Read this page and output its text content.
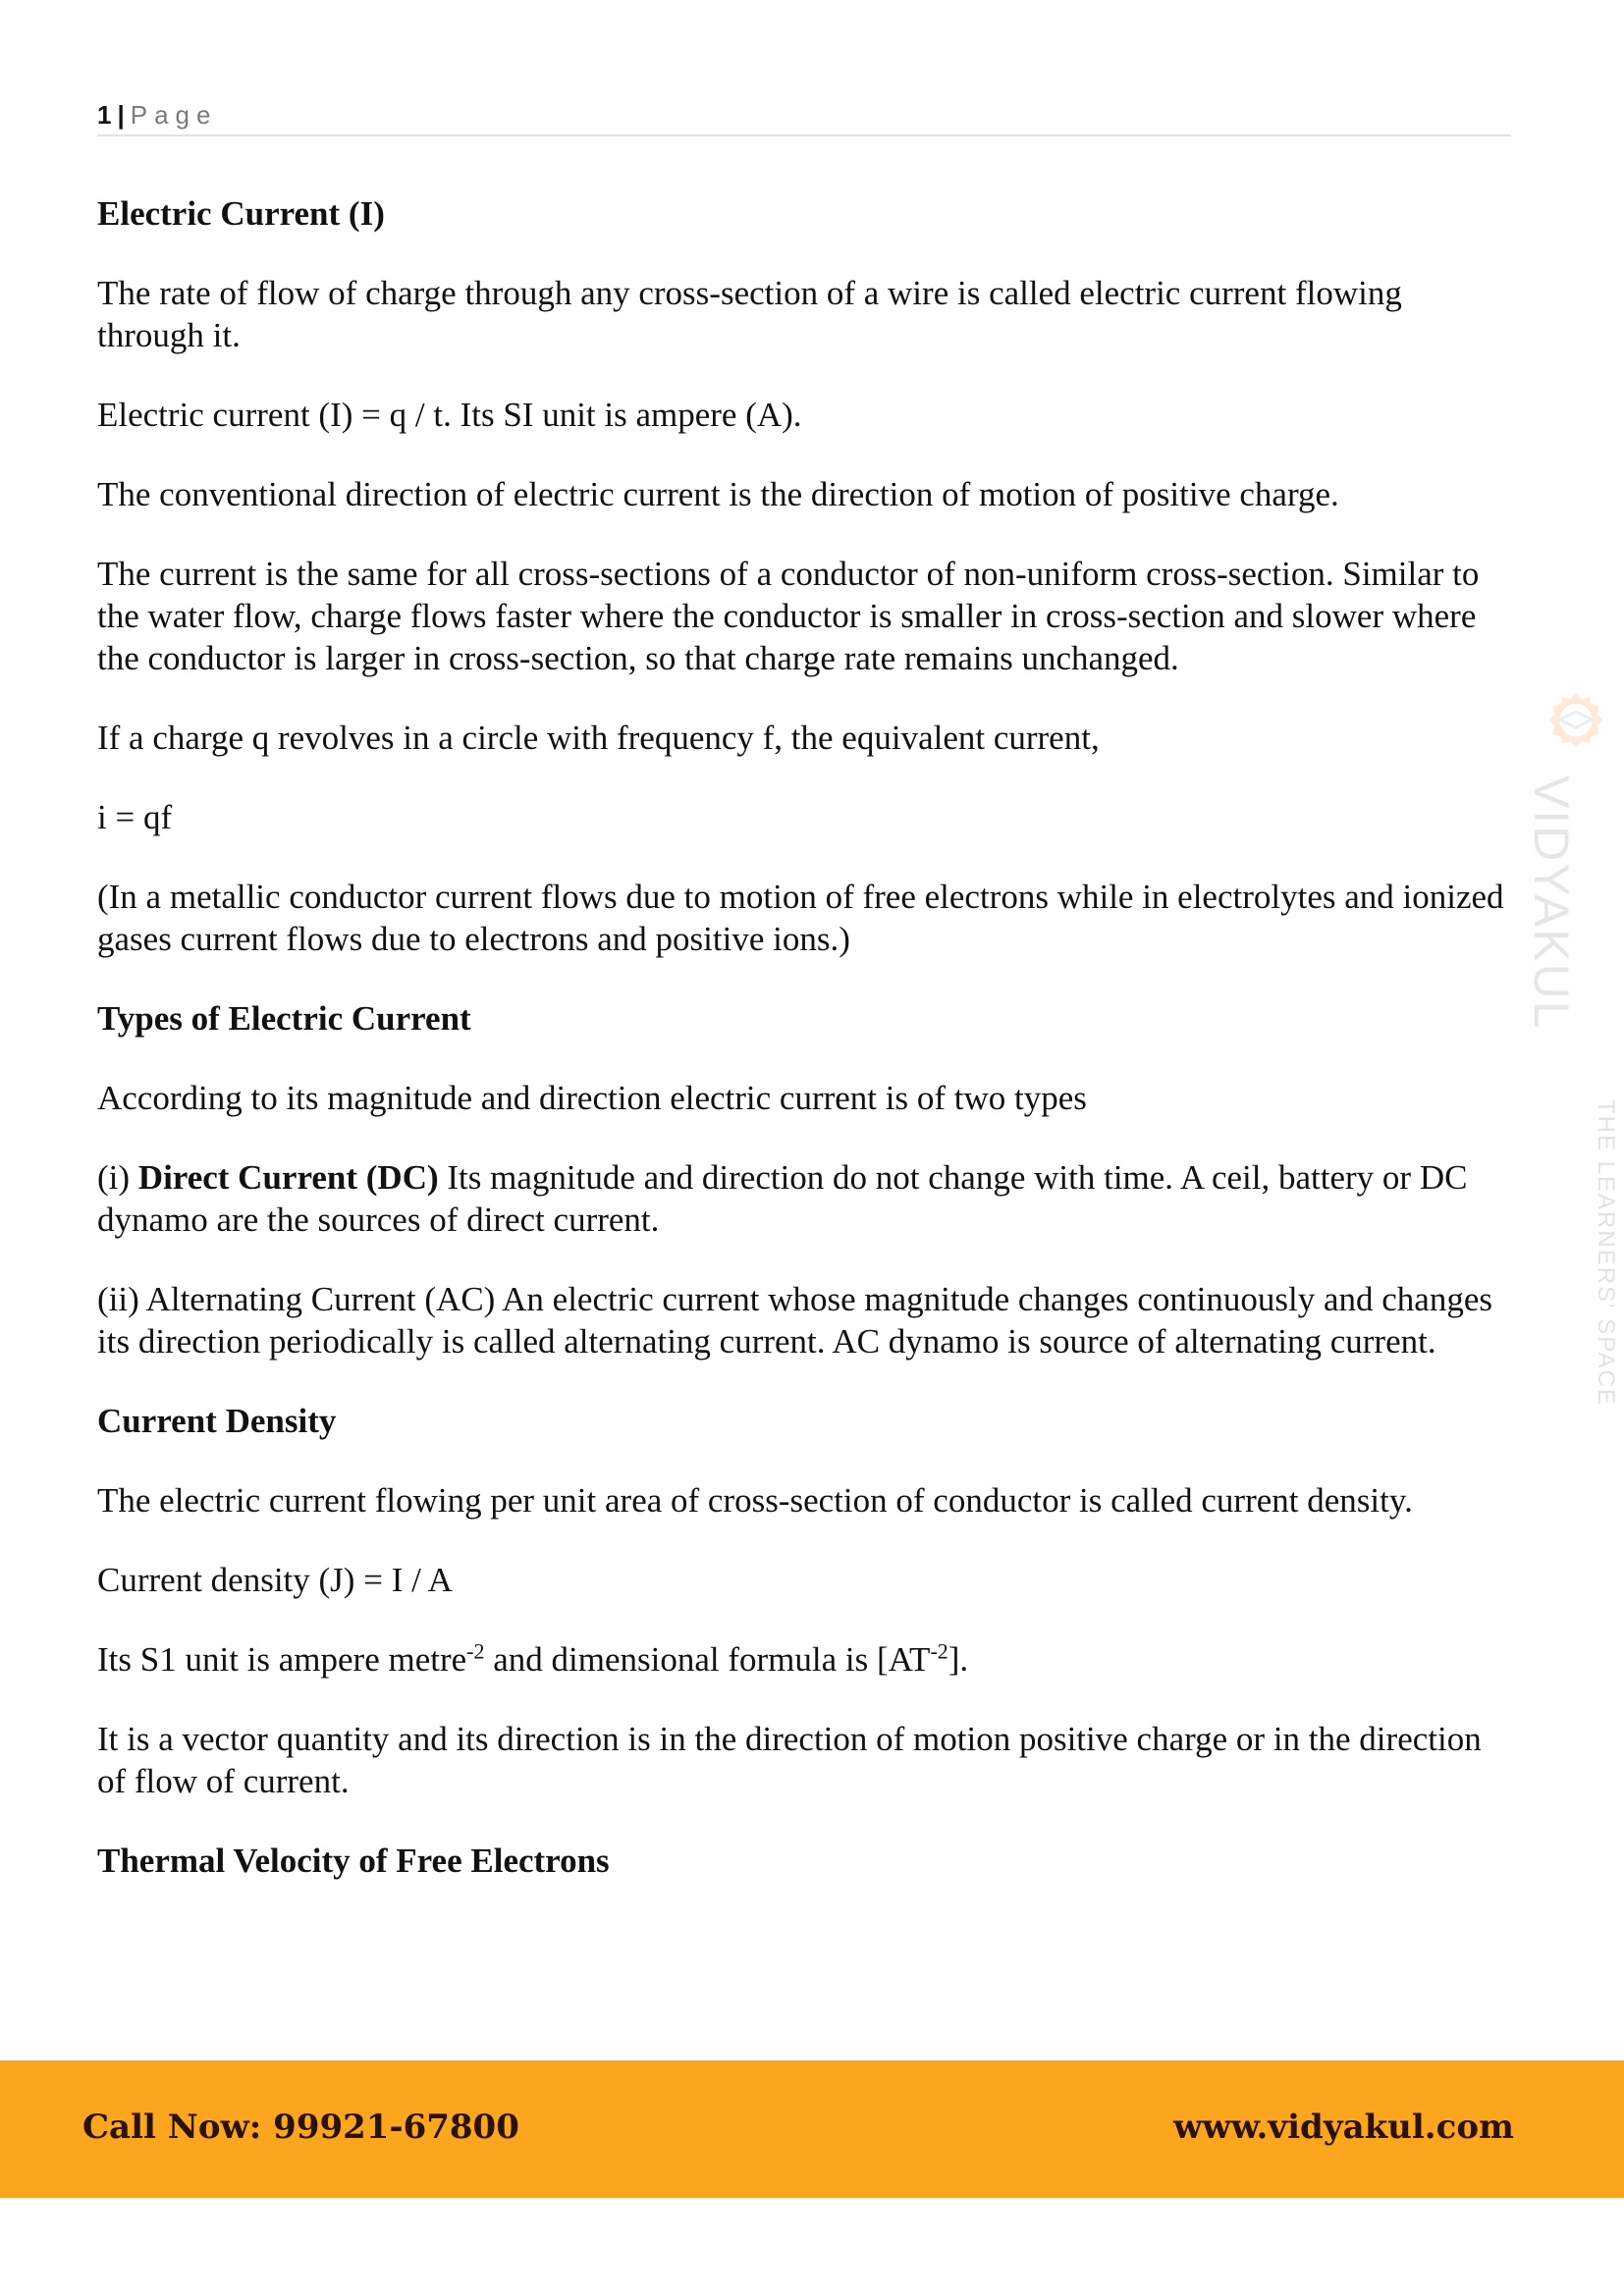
1 | Page
VIDYAKUL
THE LEARNERS' SPACE
Electric Current (I)

The rate of flow of charge through any cross-section of a wire is called electric current flowing through it.

Electric current (I) = q / t. Its SI unit is ampere (A).

The conventional direction of electric current is the direction of motion of positive charge.

The current is the same for all cross-sections of a conductor of non-uniform cross-section. Similar to the water flow, charge flows faster where the conductor is smaller in cross-section and slower where the conductor is larger in cross-section, so that charge rate remains unchanged.

If a charge q revolves in a circle with frequency f, the equivalent current,

i = qf

(In a metallic conductor current flows due to motion of free electrons while in electrolytes and ionized gases current flows due to electrons and positive ions.)

Types of Electric Current

According to its magnitude and direction electric current is of two types

(i) Direct Current (DC) Its magnitude and direction do not change with time. A ceil, battery or DC dynamo are the sources of direct current.

(ii) Alternating Current (AC) An electric current whose magnitude changes continuously and changes its direction periodically is called alternating current. AC dynamo is source of alternating current.

Current Density

The electric current flowing per unit area of cross-section of conductor is called current density.

Current density (J) = I / A

Its S1 unit is ampere metre$^{-2}$ and dimensional formula is $[AT^{-2}]$.

It is a vector quantity and its direction is in the direction of motion positive charge or in the direction of flow of current.

Thermal Velocity of Free Electrons
Call Now: 99921-67800	www.vidyakul.com
